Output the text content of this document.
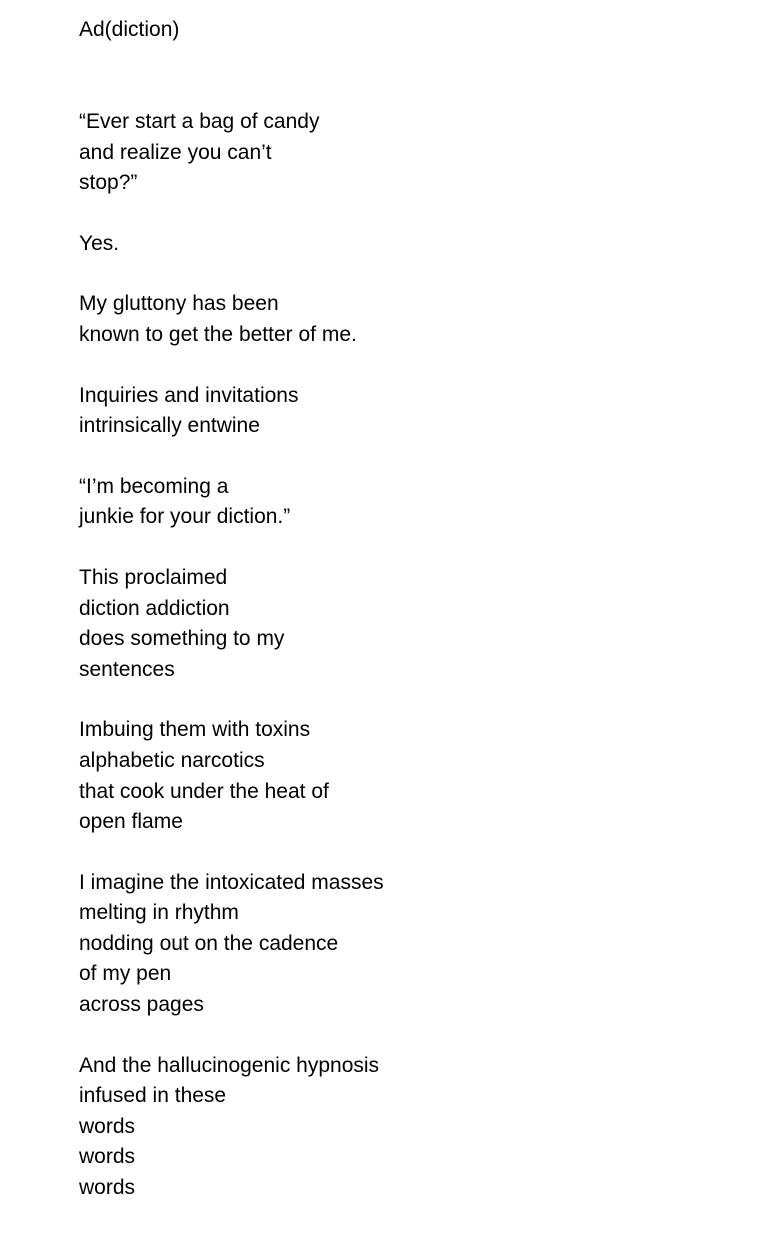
Ad(diction)
“Ever start a bag of candy
and realize you can’t
stop?”
Yes.
My gluttony has been
known to get the better of me.
Inquiries and invitations
intrinsically entwine
“I’m becoming a
junkie for your diction.”
This proclaimed
diction addiction
does something to my
sentences
Imbuing them with toxins
alphabetic narcotics
that cook under the heat of
open flame
I imagine the intoxicated masses
melting in rhythm
nodding out on the cadence
of my pen
across pages
And the hallucinogenic hypnosis
infused in these
words
words
words
